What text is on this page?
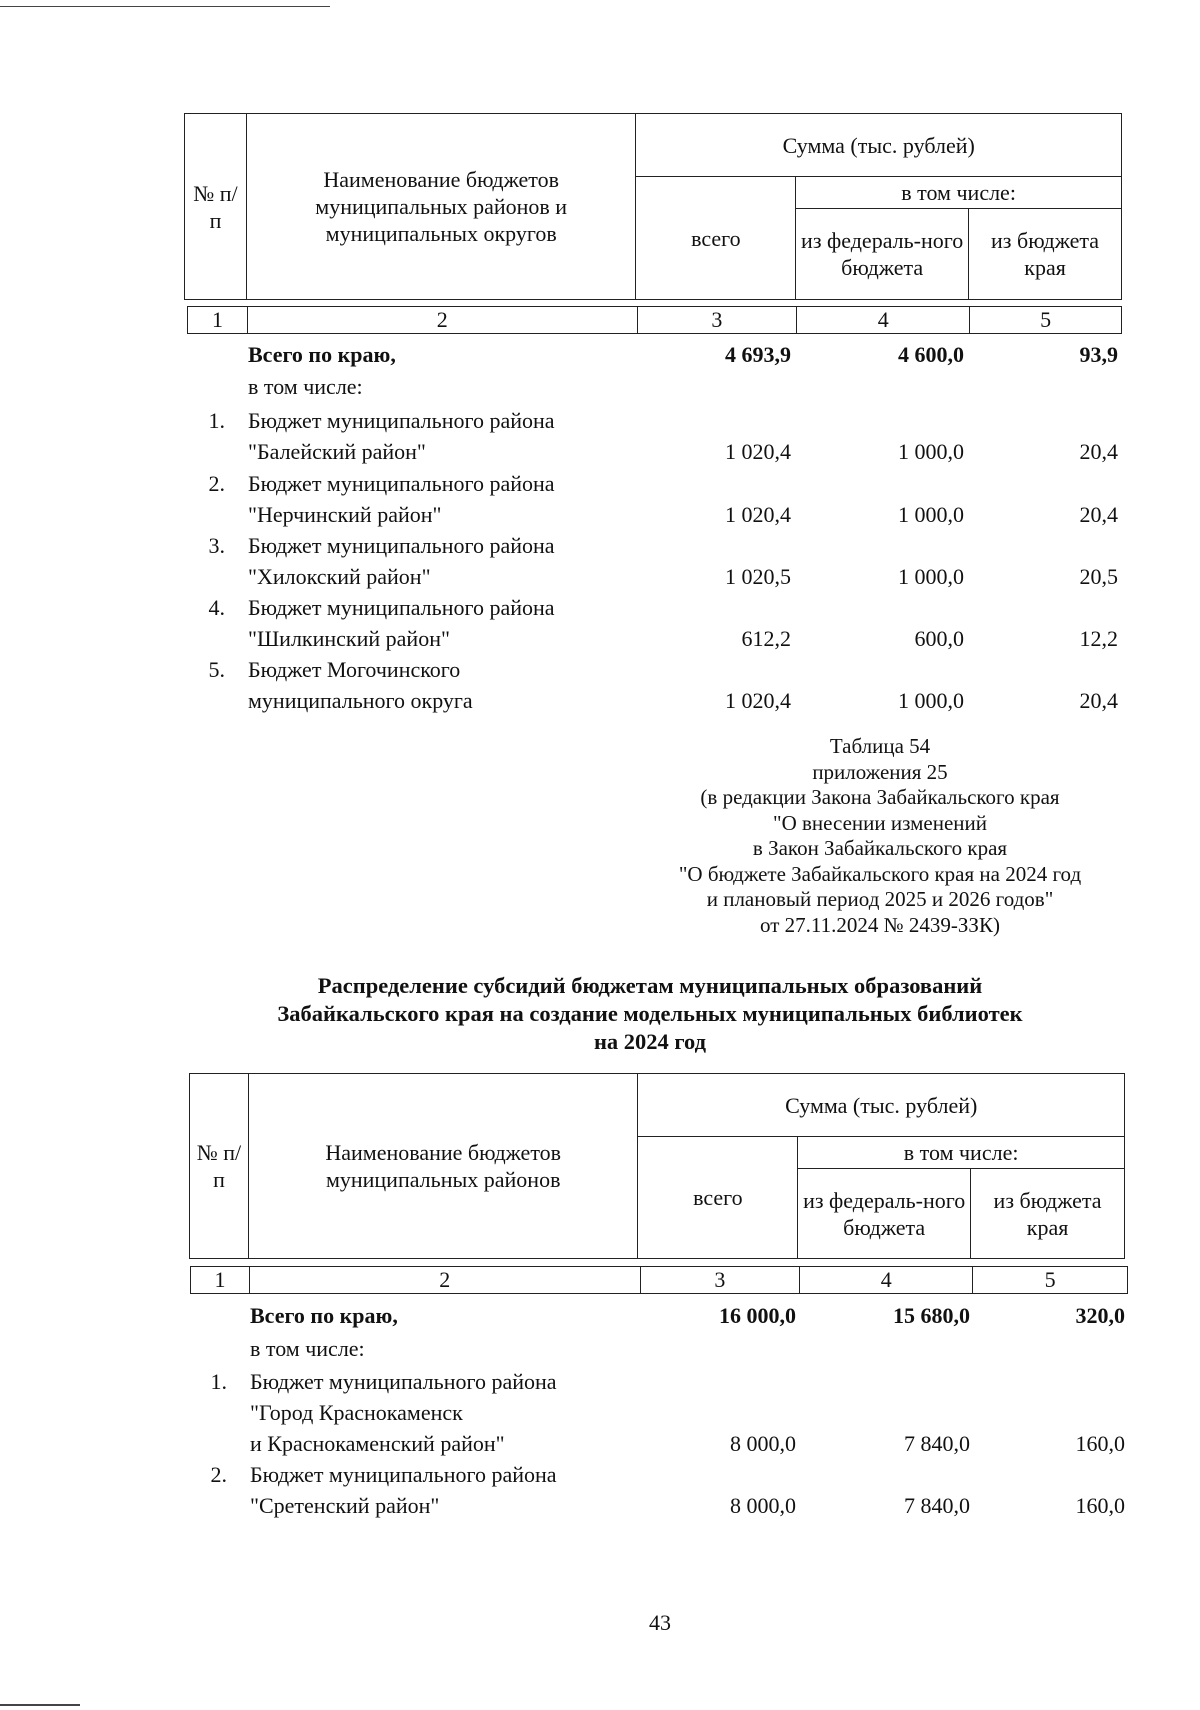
№ п/п	Наименование бюджетов муниципальных районов и муниципальных округов	Сумма (тыс. рублей)		
		всего	в том числе:	
			из федераль-ного бюджета	из бюджета края
1	2	3	4	5
Всего по краю,	4 693,9	4 600,0	93,9
в том числе:
1. Бюджет муниципального района
"Балейский район"	1 020,4	1 000,0	20,4
2. Бюджет муниципального района
"Нерчинский район"	1 020,4	1 000,0	20,4
3. Бюджет муниципального района
"Хилокский район"	1 020,5	1 000,0	20,5
4. Бюджет муниципального района
"Шилкинский район"	612,2	600,0	12,2
5. Бюджет Могочинского
муниципального округа	1 020,4	1 000,0	20,4
Таблица 54
приложения 25
(в редакции Закона Забайкальского края
"О внесении изменений
в Закон Забайкальского края
"О бюджете Забайкальского края на 2024 год
и плановый период 2025 и 2026 годов"
от 27.11.2024 № 2439-ЗЗК)
Распределение субсидий бюджетам муниципальных образований
Забайкальского края на создание модельных муниципальных библиотек
на 2024 год
№ п/п	Наименование бюджетов муниципальных районов	Сумма (тыс. рублей)		
		всего	в том числе:	
			из федераль-ного бюджета	из бюджета края
1	2	3	4	5
Всего по краю,	16 000,0	15 680,0	320,0
в том числе:
1. Бюджет муниципального района
"Город Краснокаменск
и Краснокаменский район"	8 000,0	7 840,0	160,0
2. Бюджет муниципального района
"Сретенский район"	8 000,0	7 840,0	160,0
43
